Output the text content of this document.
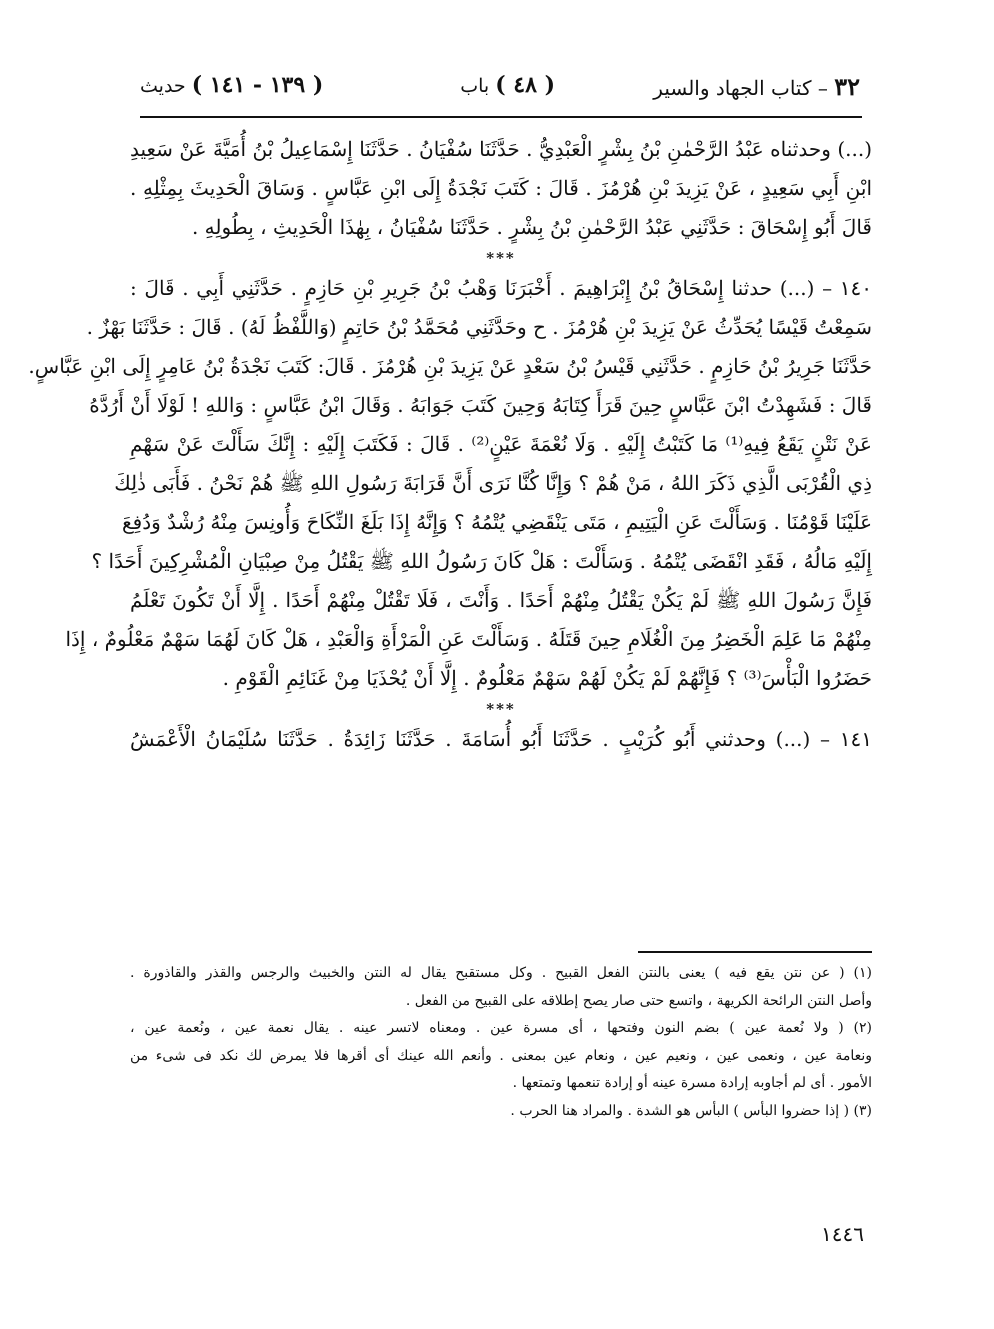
٣٢ – كتاب الجهاد والسير
( ٤٨ ) باب
( ١٣٩ - ١٤١ ) حديث
(...) وحدثناه عَبْدُ الرَّحْمٰنِ بْنُ بِشْرٍ الْعَبْدِيُّ . حَدَّثَنَا سُفْيَانُ . حَدَّثَنَا إِسْمَاعِيلُ بْنُ أُمَيَّةَ عَنْ سَعِيدِ
ابْنِ أَبِي سَعِيدٍ ، عَنْ يَزِيدَ بْنِ هُرْمُزَ . قَالَ : كَتَبَ نَجْدَةُ إِلَى ابْنِ عَبَّاسٍ . وَسَاقَ الْحَدِيثَ بِمِثْلِهِ .
قَالَ أَبُو إِسْحَاقَ : حَدَّثَنِي عَبْدُ الرَّحْمٰنِ بْنُ بِشْرٍ . حَدَّثَنَا سُفْيَانُ ، بِهٰذَا الْحَدِيثِ ، بِطُولِهِ .
***
١٤٠ – (...) حدثنا إِسْحَاقُ بْنُ إِبْرَاهِيمَ . أَخْبَرَنَا وَهْبُ بْنُ جَرِيرِ بْنِ حَازِمٍ . حَدَّثَنِي أَبِي . قَالَ :
سَمِعْتُ قَيْسًا يُحَدِّثُ عَنْ يَزِيدَ بْنِ هُرْمُزَ . ح وحَدَّثَنِي مُحَمَّدُ بْنُ حَاتِمٍ (وَاللَّفْظُ لَهُ) . قَالَ : حَدَّثَنَا بَهْزٌ .
حَدَّثَنَا جَرِيرُ بْنُ حَازِمٍ . حَدَّثَنِي قَيْسُ بْنُ سَعْدٍ عَنْ يَزِيدَ بْنِ هُرْمُزَ . قَالَ: كَتَبَ نَجْدَةُ بْنُ عَامِرٍ إِلَى ابْنِ عَبَّاسٍ.
قَالَ : فَشَهِدْتُ ابْنَ عَبَّاسٍ حِينَ قَرَأَ كِتَابَهُ وَحِينَ كَتَبَ جَوَابَهُ . وَقَالَ ابْنُ عَبَّاسٍ : وَاللهِ ! لَوْلَا أَنْ أَرُدَّهُ
عَنْ نَتْنٍ يَقَعُ فِيهِ⁽¹⁾ مَا كَتَبْتُ إِلَيْهِ . وَلَا نُعْمَةَ عَيْنٍ⁽²⁾ . قَالَ : فَكَتَبَ إِلَيْهِ : إِنَّكَ سَأَلْتَ عَنْ سَهْمِ
ذِي الْقُرْبَى الَّذِي ذَكَرَ اللهُ ، مَنْ هُمْ ؟ وَإِنَّا كُنَّا نَرَى أَنَّ قَرَابَةَ رَسُولِ اللهِ ﷺ هُمْ نَحْنُ . فَأَبَى ذٰلِكَ
عَلَيْنَا قَوْمُنَا . وَسَأَلْتَ عَنِ الْيَتِيمِ ، مَتَى يَنْقَضِي يُتْمُهُ ؟ وَإِنَّهُ إِذَا بَلَغَ النِّكَاحَ وَأُونِسَ مِنْهُ رُشْدٌ وَدُفِعَ
إِلَيْهِ مَالُهُ ، فَقَدِ انْقَضَى يُتْمُهُ . وَسَأَلْتَ : هَلْ كَانَ رَسُولُ اللهِ ﷺ يَقْتُلُ مِنْ صِبْيَانِ الْمُشْرِكِينَ أَحَدًا ؟
فَإِنَّ رَسُولَ اللهِ ﷺ لَمْ يَكُنْ يَقْتُلُ مِنْهُمْ أَحَدًا . وَأَنْتَ ، فَلَا تَقْتُلْ مِنْهُمْ أَحَدًا . إِلَّا أَنْ تَكُونَ تَعْلَمُ
مِنْهُمْ مَا عَلِمَ الْخَضِرُ مِنَ الْغُلَامِ حِينَ قَتَلَهُ . وَسَأَلْتَ عَنِ الْمَرْأَةِ وَالْعَبْدِ ، هَلْ كَانَ لَهُمَا سَهْمٌ مَعْلُومٌ ، إِذَا
حَضَرُوا الْبَأْسَ⁽³⁾ ؟ فَإِنَّهُمْ لَمْ يَكُنْ لَهُمْ سَهْمٌ مَعْلُومٌ . إِلَّا أَنْ يُحْذَيَا مِنْ غَنَائِمِ الْقَوْمِ .
***
١٤١ – (...) وحدثني أَبُو كُرَيْبٍ . حَدَّثَنَا أَبُو أُسَامَةَ . حَدَّثَنَا زَائِدَةُ . حَدَّثَنَا سُلَيْمَانُ الْأَعْمَشُ
(١) ( عن نتن يقع فيه ) يعنى بالنتن الفعل القبيح . وكل مستقبح يقال له النتن والخبيث والرجس والقذر والقاذورة .
وأصل النتن الرائحة الكريهة ، واتسع حتى صار يصح إطلاقه على القبيح من الفعل .
(٢) ( ولا نُعمة عين ) بضم النون وفتحها ، أى مسرة عين . ومعناه لاتسر عينه . يقال نعمة عين ، ونُعمة عين ،
ونعامة عين ، ونعمى عين ، ونعيم عين ، ونعام عين بمعنى . وأنعم الله عينك أى أقرها فلا يمرض لك نكد فى شىء من
الأمور . أى لم أجاوبه إرادة مسرة عينه أو إرادة تنعمها وتمتعها .
(٣) ( إذا حضروا البأس ) البأس هو الشدة . والمراد هنا الحرب .
١٤٤٦
